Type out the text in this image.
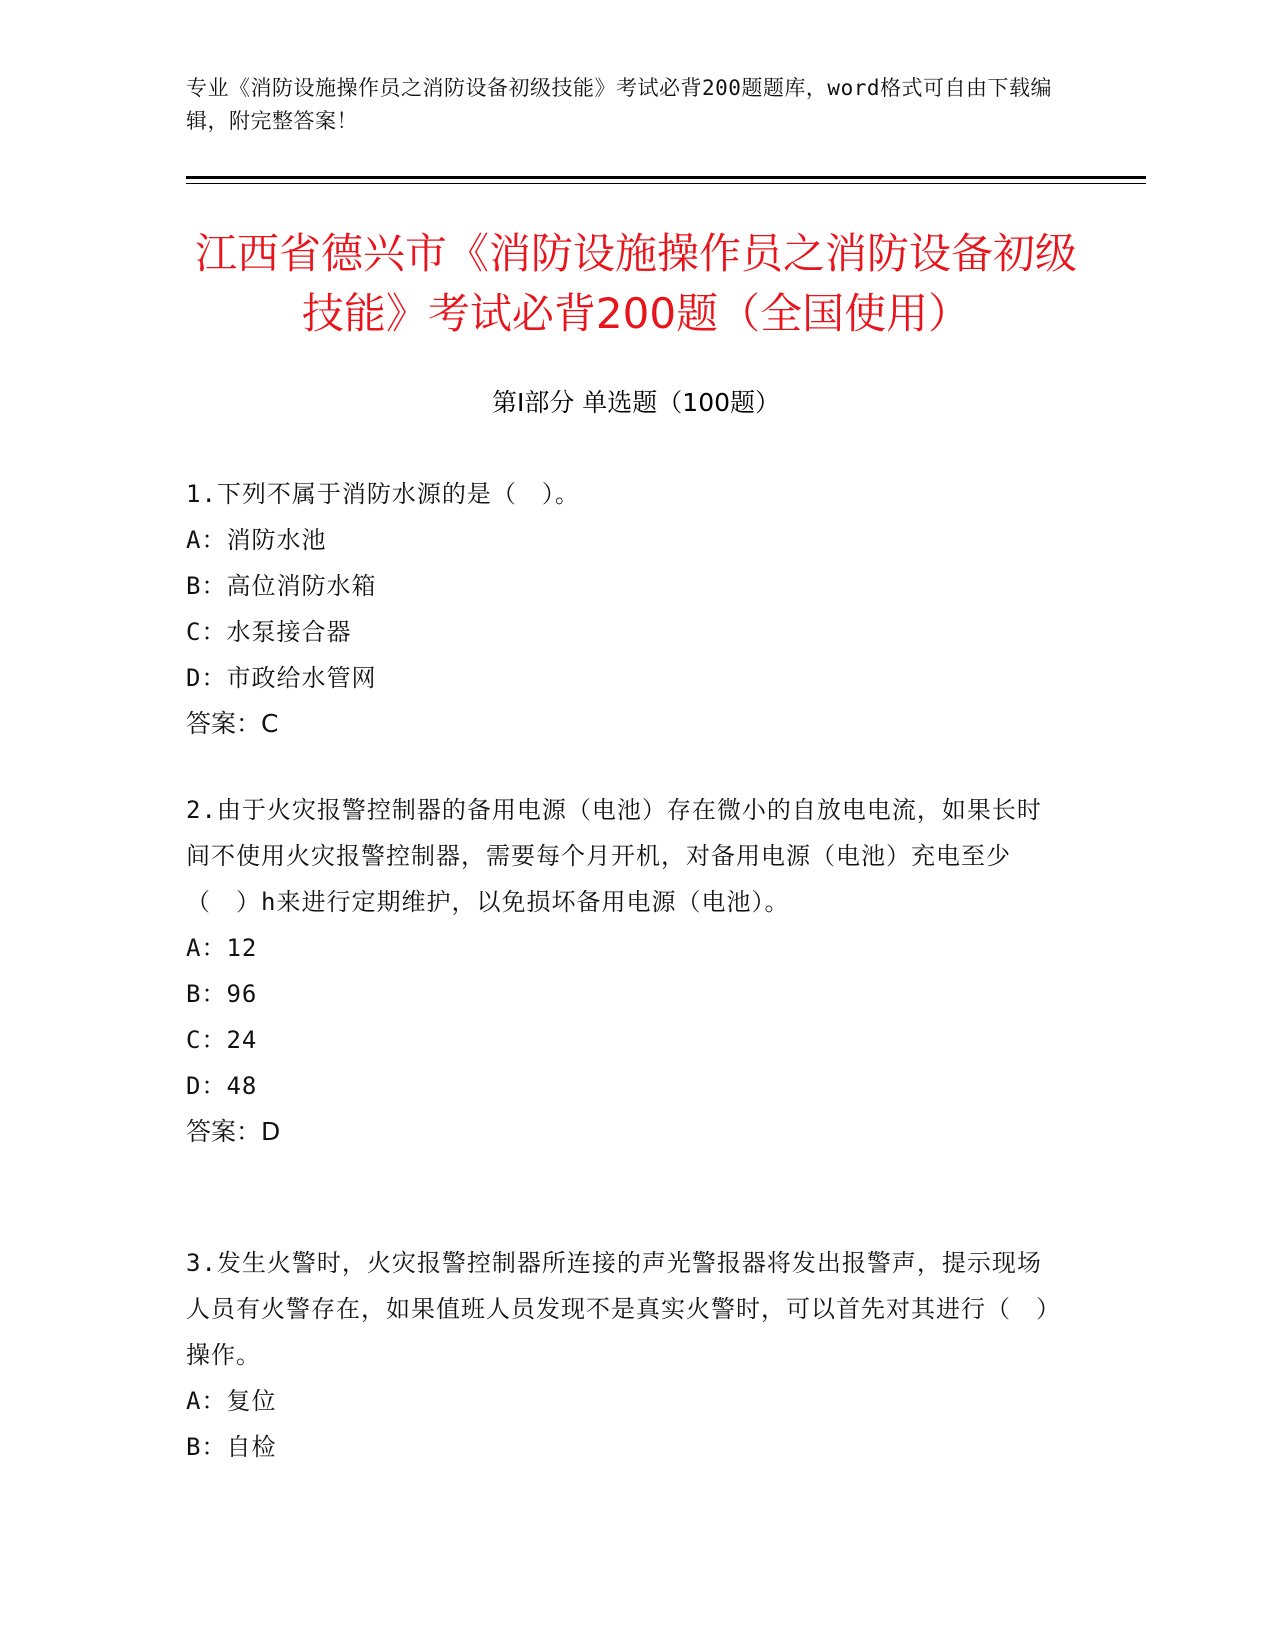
专业《消防设施操作员之消防设备初级技能》考试必背200题题库，word格式可自由下载编辑，附完整答案！
江西省德兴市《消防设施操作员之消防设备初级技能》考试必背200题（全国使用）
第Ⅰ部分 单选题（100题）

1.下列不属于消防水源的是（　）。

A：消防水池

B：高位消防水箱

C：水泵接合器

D：市政给水管网

答案：C

2.由于火灾报警控制器的备用电源（电池）存在微小的自放电电流，如果长时间不使用火灾报警控制器，需要每个月开机，对备用电源（电池）充电至少（　）h来进行定期维护，以免损坏备用电源（电池）。

A：12

B：96

C：24

D：48

答案：D

3.发生火警时，火灾报警控制器所连接的声光警报器将发出报警声，提示现场人员有火警存在，如果值班人员发现不是真实火警时，可以首先对其进行（　）操作。

A：复位

B：自检
